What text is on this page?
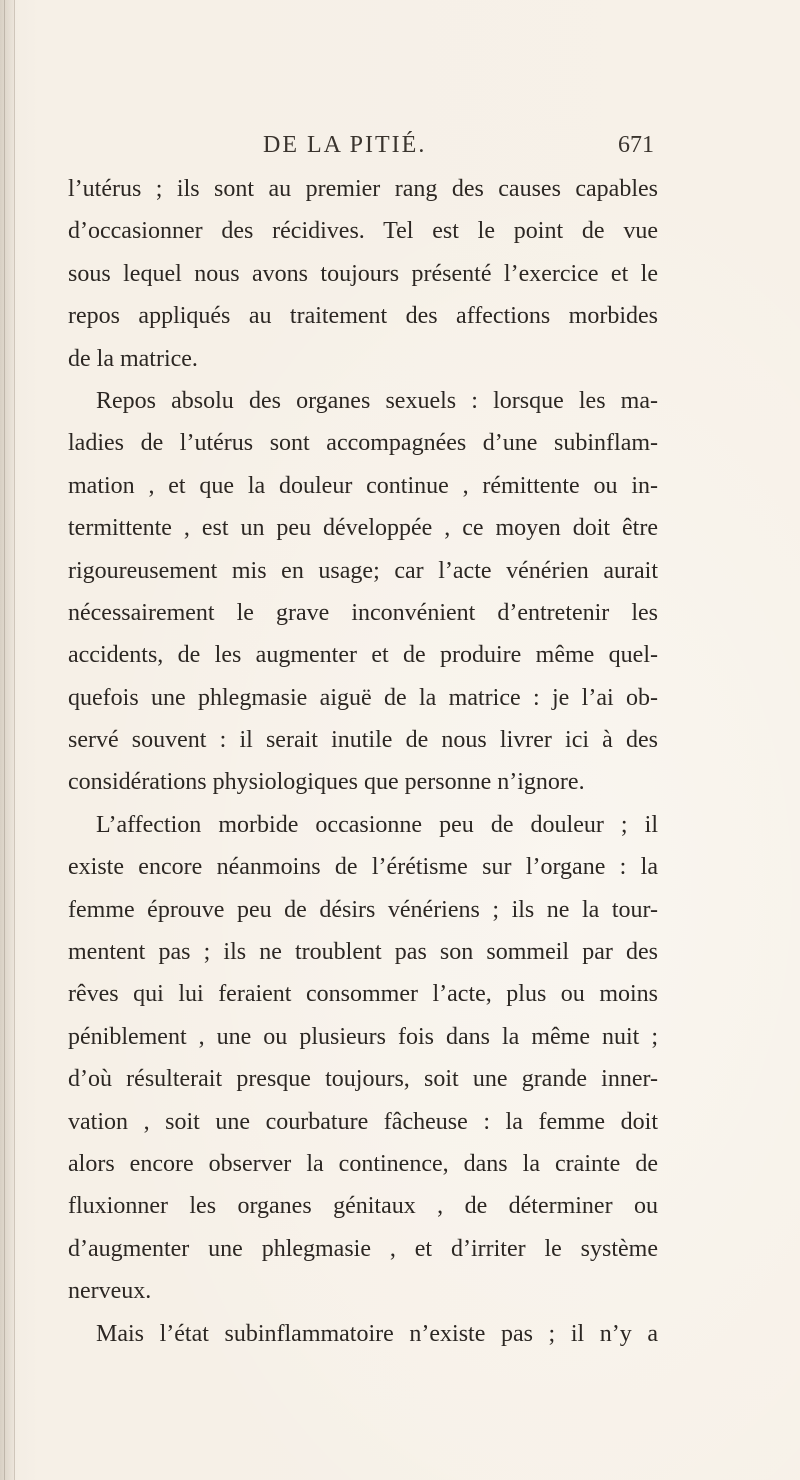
DE LA PITIÉ.	671
l’utérus ; ils sont au premier rang des causes capables
d’occasionner des récidives. Tel est le point de vue
sous lequel nous avons toujours présenté l’exercice et le
repos appliqués au traitement des affections morbides
de la matrice.
Repos absolu des organes sexuels : lorsque les ma-
ladies de l’utérus sont accompagnées d’une subinflam-
mation , et que la douleur continue , rémittente ou in-
termittente , est un peu développée , ce moyen doit être
rigoureusement mis en usage; car l’acte vénérien aurait
nécessairement le grave inconvénient d’entretenir les
accidents, de les augmenter et de produire même quel-
quefois une phlegmasie aiguë de la matrice : je l’ai ob-
servé souvent : il serait inutile de nous livrer ici à des
considérations physiologiques que personne n’ignore.
L’affection morbide occasionne peu de douleur ; il
existe encore néanmoins de l’érétisme sur l’organe : la
femme éprouve peu de désirs vénériens ; ils ne la tour-
mentent pas ; ils ne troublent pas son sommeil par des
rêves qui lui feraient consommer l’acte, plus ou moins
péniblement , une ou plusieurs fois dans la même nuit ;
d’où résulterait presque toujours, soit une grande inner-
vation , soit une courbature fâcheuse : la femme doit
alors encore observer la continence, dans la crainte de
fluxionner les organes génitaux , de déterminer ou
d’augmenter une phlegmasie , et d’irriter le système
nerveux.
Mais l’état subinflammatoire n’existe pas ; il n’y a
